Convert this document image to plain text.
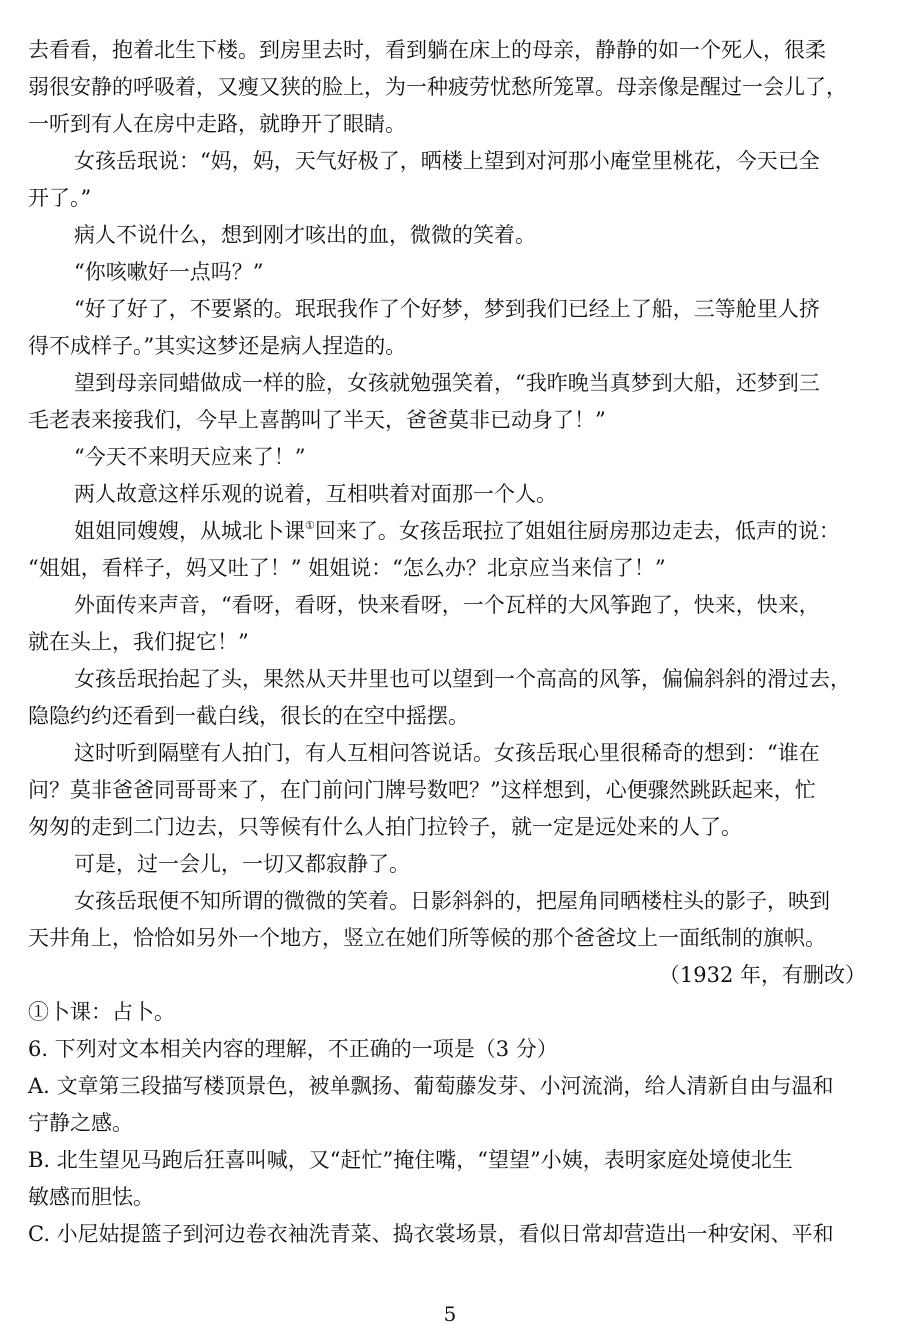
去看看，抱着北生下楼。到房里去时，看到躺在床上的母亲，静静的如一个死人，很柔
弱很安静的呼吸着，又瘦又狭的脸上，为一种疲劳忧愁所笼罩。母亲像是醒过一会儿了，
一听到有人在房中走路，就睁开了眼睛。
女孩岳珉说：“妈，妈，天气好极了，晒楼上望到对河那小庵堂里桃花，今天已全
开了。”
病人不说什么，想到刚才咳出的血，微微的笑着。
“你咳嗽好一点吗？”
“好了好了，不要紧的。珉珉我作了个好梦，梦到我们已经上了船，三等舱里人挤
得不成样子。”其实这梦还是病人捏造的。
望到母亲同蜡做成一样的脸，女孩就勉强笑着，“我昨晚当真梦到大船，还梦到三
毛老表来接我们，今早上喜鹊叫了半天，爸爸莫非已动身了！”
“今天不来明天应来了！”
两人故意这样乐观的说着，互相哄着对面那一个人。
姐姐同嫂嫂，从城北卜课①回来了。女孩岳珉拉了姐姐往厨房那边走去，低声的说：
“姐姐，看样子，妈又吐了！” 姐姐说：“怎么办？北京应当来信了！”
外面传来声音，“看呀，看呀，快来看呀，一个瓦样的大风筝跑了，快来，快来，
就在头上，我们捉它！”
女孩岳珉抬起了头，果然从天井里也可以望到一个高高的风筝，偏偏斜斜的滑过去，
隐隐约约还看到一截白线，很长的在空中摇摆。
这时听到隔壁有人拍门，有人互相问答说话。女孩岳珉心里很稀奇的想到：“谁在
问？莫非爸爸同哥哥来了，在门前问门牌号数吧？”这样想到，心便骤然跳跃起来，忙
匆匆的走到二门边去，只等候有什么人拍门拉铃子，就一定是远处来的人了。
可是，过一会儿，一切又都寂静了。
女孩岳珉便不知所谓的微微的笑着。日影斜斜的，把屋角同晒楼柱头的影子，映到
天井角上，恰恰如另外一个地方，竖立在她们所等候的那个爸爸坟上一面纸制的旗帜。
（1932 年，有删改）
①卜课：占卜。
6. 下列对文本相关内容的理解，不正确的一项是（3 分）
A. 文章第三段描写楼顶景色，被单飘扬、葡萄藤发芽、小河流淌，给人清新自由与温和
宁静之感。
B. 北生望见马跑后狂喜叫喊，又“赶忙”掩住嘴，“望望”小姨，表明家庭处境使北生
敏感而胆怯。
C. 小尼姑提篮子到河边卷衣袖洗青菜、捣衣裳场景，看似日常却营造出一种安闲、平和
5
